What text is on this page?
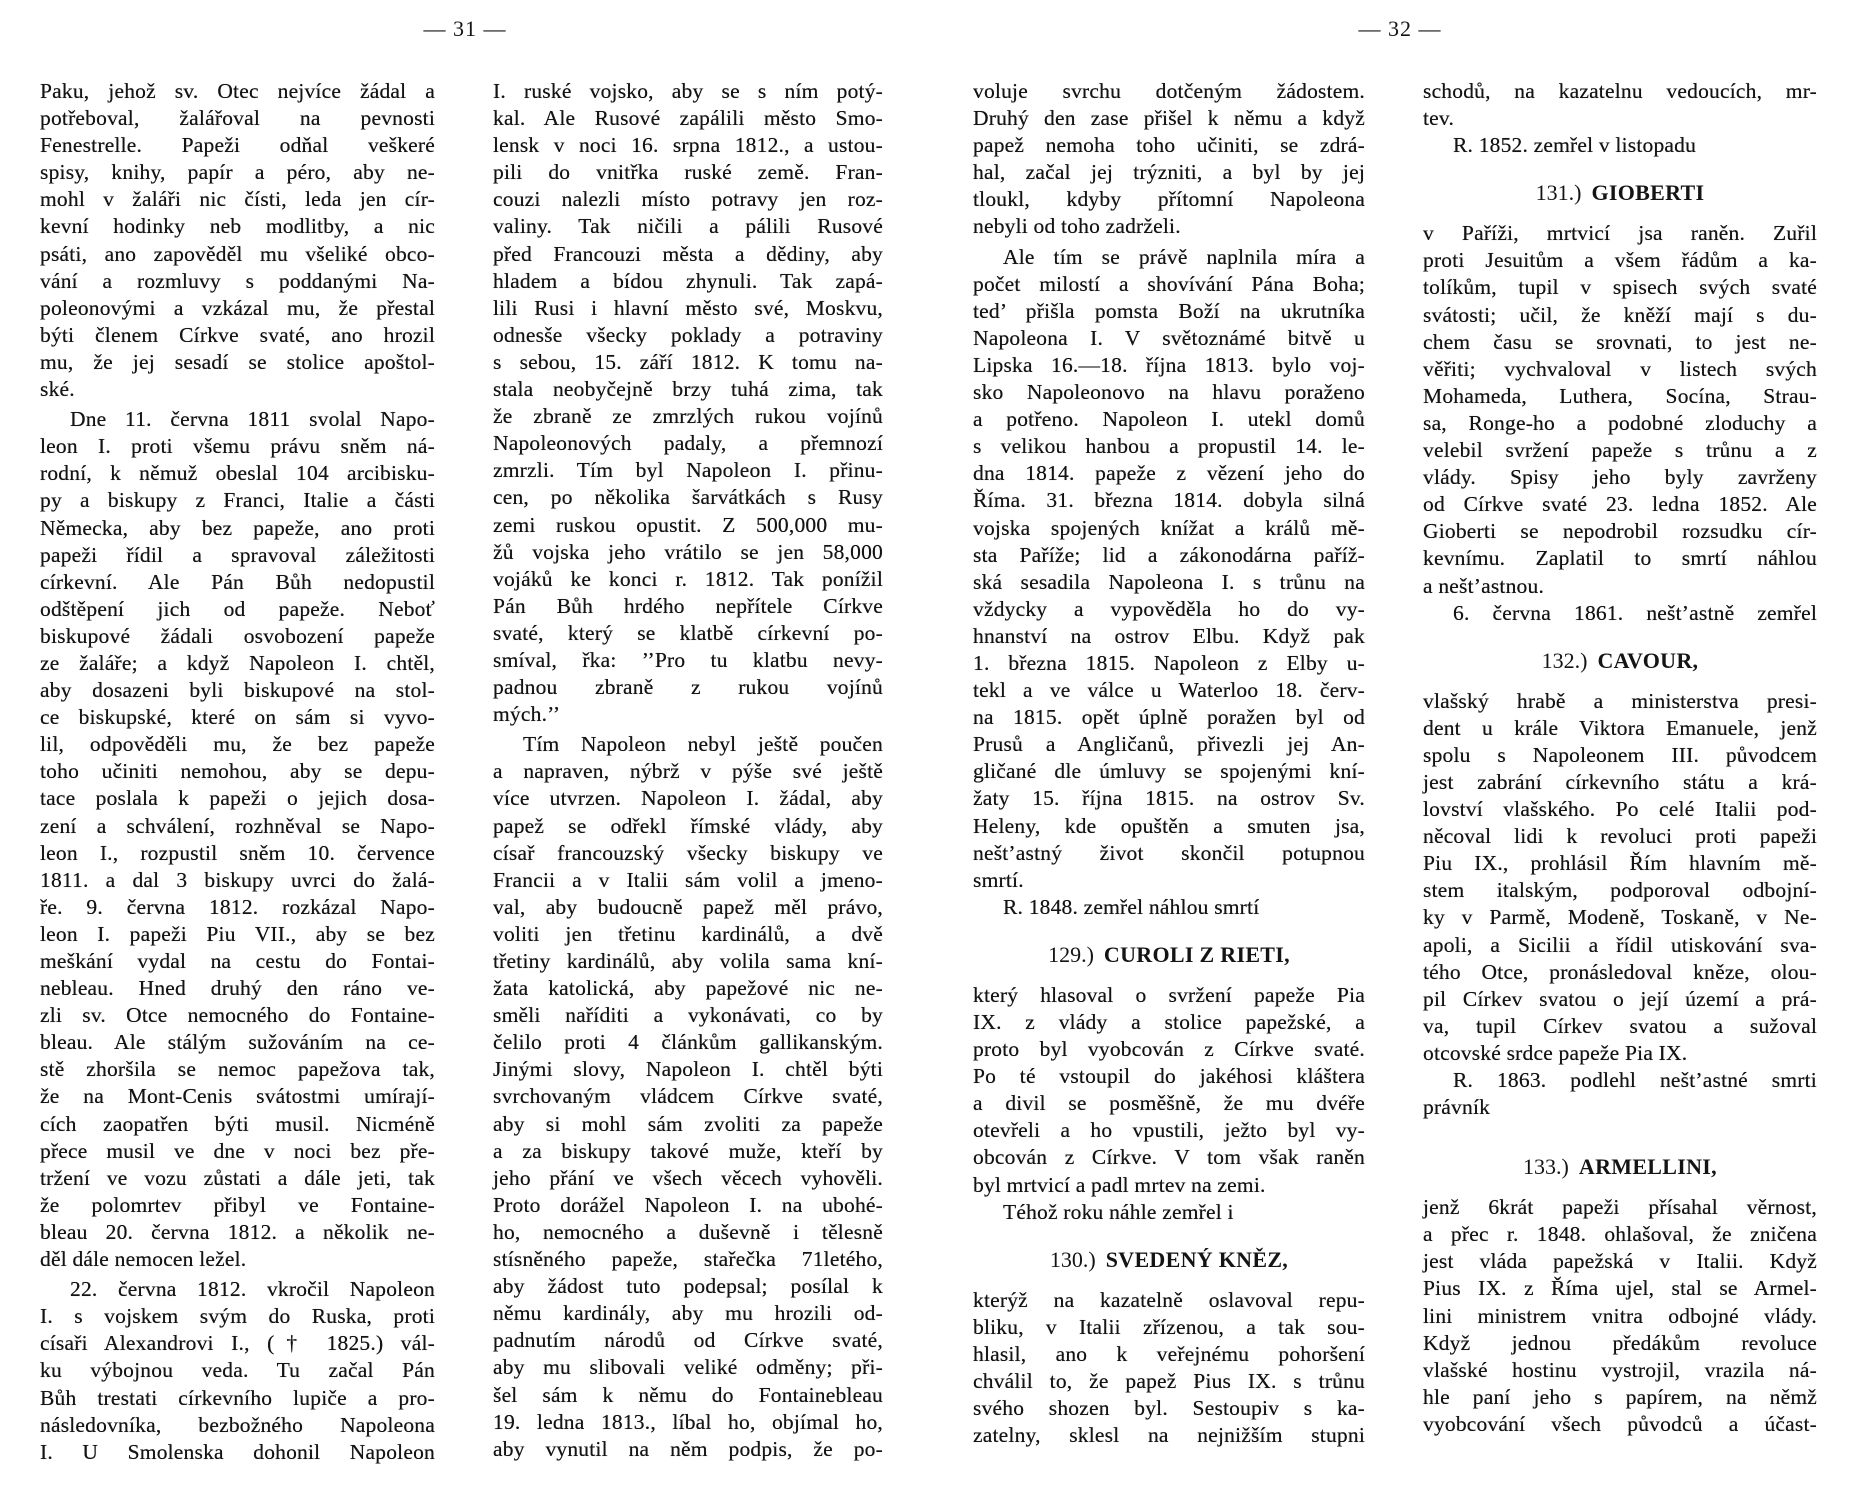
— 31 —	— 32 —
Paku, jehož sv. Otec nejvíce žádal a
potřeboval, žalářoval na pevnosti
Fenestrelle. Papeži odňal veškeré
spisy, knihy, papír a péro, aby ne-
mohl v žaláři nic čísti, leda jen cír-
kevní hodinky neb modlitby, a nic
psáti, ano zapověděl mu všeliké obco-
vání a rozmluvy s poddanými Na-
poleonovými a vzkázal mu, že přestal
býti členem Církve svaté, ano hrozil
mu, že jej sesadí se stolice apoštol-
ské.
Dne 11. června 1811 svolal Napo-
leon I. proti všemu právu sněm ná-
rodní, k němuž obeslal 104 arcibisku-
py a biskupy z Franci, Italie a části
Německa, aby bez papeže, ano proti
papeži řídil a spravoval záležitosti
církevní. Ale Pán Bůh nedopustil
odštěpení jich od papeže. Neboť
biskupové žádali osvobození papeže
ze žaláře; a když Napoleon I. chtěl,
aby dosazeni byli biskupové na stol-
ce biskupské, které on sám si vyvo-
lil, odpověděli mu, že bez papeže
toho učiniti nemohou, aby se depu-
tace poslala k papeži o jejich dosa-
zení a schválení, rozhněval se Napo-
leon I., rozpustil sněm 10. července
1811. a dal 3 biskupy uvrci do žalá-
ře. 9. června 1812. rozkázal Napo-
leon I. papeži Piu VII., aby se bez
meškání vydal na cestu do Fontai-
nebleau. Hned druhý den ráno ve-
zli sv. Otce nemocného do Fontaine-
bleau. Ale stálým sužováním na ce-
stě zhoršila se nemoc papežova tak,
že na Mont-Cenis svátostmi umírají-
cích zaopatřen býti musil. Nicméně
přece musil ve dne v noci bez pře-
tržení ve vozu zůstati a dále jeti, tak
že polomrtev přibyl ve Fontaine-
bleau 20. června 1812. a několik ne-
děl dále nemocen ležel.
22. června 1812. vkročil Napoleon
I. s vojskem svým do Ruska, proti
císaři Alexandrovi I., († 1825.) vál-
ku výbojnou veda. Tu začal Pán
Bůh trestati církevního lupiče a pro-
následovníka, bezbožného Napoleona
I. U Smolenska dohonil Napoleon
I. ruské vojsko, aby se s ním potý-
kal. Ale Rusové zapálili město Smo-
lensk v noci 16. srpna 1812., a ustou-
pili do vnitřka ruské země. Fran-
couzi nalezli místo potravy jen roz-
valiny. Tak ničili a pálili Rusové
před Francouzi města a dědiny, aby
hladem a bídou zhynuli. Tak zapá-
lili Rusi i hlavní město své, Moskvu,
odnesše všecky poklady a potraviny
s sebou, 15. září 1812. K tomu na-
stala neobyčejně brzy tuhá zima, tak
že zbraně ze zmrzlých rukou vojínů
Napoleonových padaly, a přemnozí
zmrzli. Tím byl Napoleon I. přinu-
cen, po několika šarvátkách s Rusy
zemi ruskou opustit. Z 500,000 mu-
žů vojska jeho vrátilo se jen 58,000
vojáků ke konci r. 1812. Tak ponížil
Pán Bůh hrdého nepřítele Církve
svaté, který se klatbě církevní po-
smíval, řka: ’’Pro tu klatbu nevy-
padnou zbraně z rukou vojínů
mých.’’
Tím Napoleon nebyl ještě poučen
a napraven, nýbrž v pýše své ještě
více utvrzen. Napoleon I. žádal, aby
papež se odřekl římské vlády, aby
císař francouzský všecky biskupy ve
Francii a v Italii sám volil a jmeno-
val, aby budoucně papež měl právo,
voliti jen třetinu kardinálů, a dvě
třetiny kardinálů, aby volila sama kní-
žata katolická, aby papežové nic ne-
směli naříditi a vykonávati, co by
čelilo proti 4 článkům gallikanským.
Jinými slovy, Napoleon I. chtěl býti
svrchovaným vládcem Církve svaté,
aby si mohl sám zvoliti za papeže
a za biskupy takové muže, kteří by
jeho přání ve všech věcech vyhověli.
Proto dorážel Napoleon I. na ubohé-
ho, nemocného a duševně i tělesně
stísněného papeže, stařečka 71letého,
aby žádost tuto podepsal; posílal k
němu kardinály, aby mu hrozili od-
padnutím národů od Církve svaté,
aby mu slibovali veliké odměny; při-
šel sám k němu do Fontainebleau
19. ledna 1813., líbal ho, objímal ho,
aby vynutil na něm podpis, že po-
voluje svrchu dotčeným žádostem.
Druhý den zase přišel k němu a když
papež nemoha toho učiniti, se zdrá-
hal, začal jej trýzniti, a byl by jej
tloukl, kdyby přítomní Napoleona
nebyli od toho zadrželi.
Ale tím se právě naplnila míra a
počet milostí a shovívání Pána Boha;
ted’ přišla pomsta Boží na ukrutníka
Napoleona I. V světoznámé bitvě u
Lipska 16.—18. října 1813. bylo voj-
sko Napoleonovo na hlavu poraženo
a potřeno. Napoleon I. utekl domů
s velikou hanbou a propustil 14. le-
dna 1814. papeže z vězení jeho do
Říma. 31. března 1814. dobyla silná
vojska spojených knížat a králů mě-
sta Paříže; lid a zákonodárna paříž-
ská sesadila Napoleona I. s trůnu na
vždycky a vypověděla ho do vy-
hnanství na ostrov Elbu. Když pak
1. března 1815. Napoleon z Elby u-
tekl a ve válce u Waterloo 18. červ-
na 1815. opět úplně poražen byl od
Prusů a Angličanů, přivezli jej An-
gličané dle úmluvy se spojenými kní-
žaty 15. října 1815. na ostrov Sv.
Heleny, kde opuštěn a smuten jsa,
nešt’astný život skončil potupnou
smrtí.
R. 1848. zemřel náhlou smrtí
129.) CUROLI Z RIETI,
který hlasoval o svržení papeže Pia
IX. z vlády a stolice papežské, a
proto byl vyobcován z Církve svaté.
Po té vstoupil do jakéhosi kláštera
a divil se posměšně, že mu dvéře
otevřeli a ho vpustili, ježto byl vy-
obcován z Církve. V tom však raněn
byl mrtvicí a padl mrtev na zemi.
Téhož roku náhle zemřel i
130.) SVEDENÝ KNĚZ,
kterýž na kazatelně oslavoval repu-
bliku, v Italii zřízenou, a tak sou-
hlasil, ano k veřejnému pohoršení
chválil to, že papež Pius IX. s trůnu
svého shozen byl. Sestoupiv s ka-
zatelny, sklesl na nejnižším stupni
schodů, na kazatelnu vedoucích, mr-
tev.
R. 1852. zemřel v listopadu
131.) GIOBERTI
v Paříži, mrtvicí jsa raněn. Zuřil
proti Jesuitům a všem řádům a ka-
tolíkům, tupil v spisech svých svaté
svátosti; učil, že kněží mají s du-
chem času se srovnati, to jest ne-
věřiti; vychvaloval v listech svých
Mohameda, Luthera, Socína, Strau-
sa, Ronge-ho a podobné zloduchy a
velebil svržení papeže s trůnu a z
vlády. Spisy jeho byly zavrženy
od Církve svaté 23. ledna 1852. Ale
Gioberti se nepodrobil rozsudku cír-
kevnímu. Zaplatil to smrtí náhlou
a nešt’astnou.
6. června 1861. nešt’astně zemřel
132.) CAVOUR,
vlašský hrabě a ministerstva presi-
dent u krále Viktora Emanuele, jenž
spolu s Napoleonem III. původcem
jest zabrání církevního státu a krá-
lovství vlašského. Po celé Italii pod-
něcoval lidi k revoluci proti papeži
Piu IX., prohlásil Řím hlavním mě-
stem italským, podporoval odbojní-
ky v Parmě, Modeně, Toskaně, v Ne-
apoli, a Sicilii a řídil utiskování sva-
tého Otce, pronásledoval kněze, olou-
pil Církev svatou o její území a prá-
va, tupil Církev svatou a sužoval
otcovské srdce papeže Pia IX.
R. 1863. podlehl nešt’astné smrti
právník
133.) ARMELLINI,
jenž 6krát papeži přísahal věrnost,
a přec r. 1848. ohlašoval, že zničena
jest vláda papežská v Italii. Když
Pius IX. z Říma ujel, stal se Armel-
lini ministrem vnitra odbojné vlády.
Když jednou předákům revoluce
vlašské hostinu vystrojil, vrazila ná-
hle paní jeho s papírem, na němž
vyobcování všech původců a účast-
